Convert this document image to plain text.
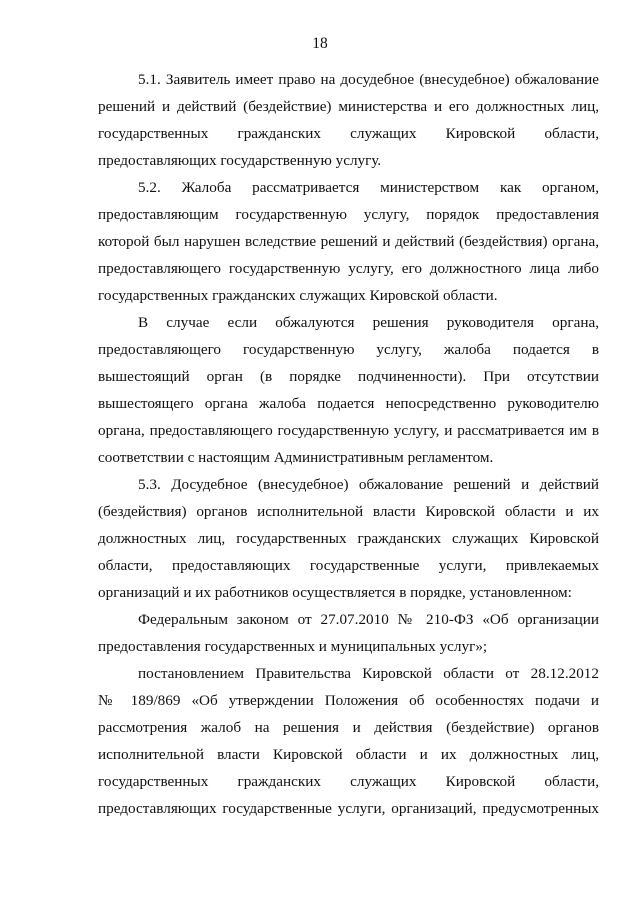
18
5.1. Заявитель имеет право на досудебное (внесудебное) обжалование
решений и действий (бездействие) министерства и его должностных лиц,
государственных гражданских служащих Кировской области,
предоставляющих государственную услугу.
5.2. Жалоба рассматривается министерством как органом,
предоставляющим государственную услугу, порядок предоставления
которой был нарушен вследствие решений и действий (бездействия) органа,
предоставляющего государственную услугу, его должностного лица либо
государственных гражданских служащих Кировской области.
В случае если обжалуются решения руководителя органа,
предоставляющего государственную услугу, жалоба подается в
вышестоящий орган (в порядке подчиненности). При отсутствии
вышестоящего органа жалоба подается непосредственно руководителю
органа, предоставляющего государственную услугу, и рассматривается им в
соответствии с настоящим Административным регламентом.
5.3. Досудебное (внесудебное) обжалование решений и действий
(бездействия) органов исполнительной власти Кировской области и их
должностных лиц, государственных гражданских служащих Кировской
области, предоставляющих государственные услуги, привлекаемых
организаций и их работников осуществляется в порядке, установленном:
Федеральным законом от 27.07.2010 № 210-ФЗ «Об организации
предоставления государственных и муниципальных услуг»;
постановлением Правительства Кировской области от 28.12.2012
№ 189/869 «Об утверждении Положения об особенностях подачи и
рассмотрения жалоб на решения и действия (бездействие) органов
исполнительной власти Кировской области и их должностных лиц,
государственных гражданских служащих Кировской области,
предоставляющих государственные услуги, организаций, предусмотренных
